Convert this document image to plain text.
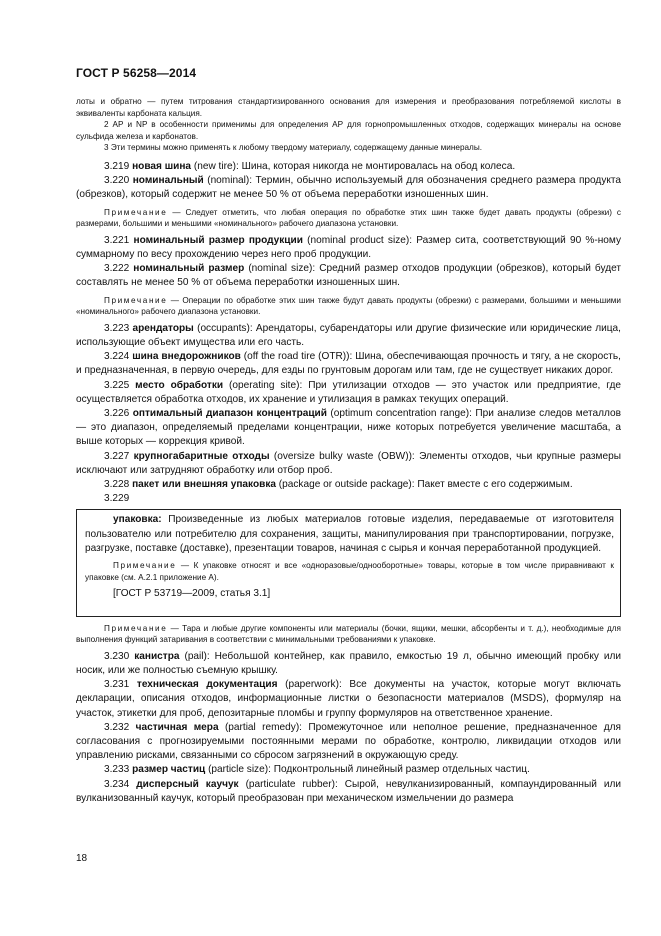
ГОСТ Р 56258—2014

лоты и обратно — путем титрования стандартизированного основания для измерения и преобразования потребляемой кислоты в эквиваленты карбоната кальция.

2 АР и NP в особенности применимы для определения АР для горнопромышленных отходов, содержащих минералы на основе сульфида железа и карбонатов.

3 Эти термины можно применять к любому твердому материалу, содержащему данные минералы.

3.219 новая шина (new tire): Шина, которая никогда не монтировалась на обод колеса.

3.220 номинальный (nominal): Термин, обычно используемый для обозначения среднего размера продукта (обрезков), который содержит не менее 50 % от объема переработки изношенных шин.

Примечание — Следует отметить, что любая операция по обработке этих шин также будет давать продукты (обрезки) с размерами, большими и меньшими «номинального» рабочего диапазона установки.

3.221 номинальный размер продукции (nominal product size): Размер сита, соответствующий 90 %-ному суммарному по весу прохождению через него проб продукции.

3.222 номинальный размер (nominal size): Средний размер отходов продукции (обрезков), который будет составлять не менее 50 % от объема переработки изношенных шин.

Примечание — Операции по обработке этих шин также будут давать продукты (обрезки) с размерами, большими и меньшими «номинального» рабочего диапазона установки.

3.223 арендаторы (occupants): Арендаторы, субарендаторы или другие физические или юридические лица, использующие объект имущества или его часть.

3.224 шина внедорожников (off the road tire (OTR)): Шина, обеспечивающая прочность и тягу, а не скорость, и предназначенная, в первую очередь, для езды по грунтовым дорогам или там, где не существует никаких дорог.

3.225 место обработки (operating site): При утилизации отходов — это участок или предприятие, где осуществляется обработка отходов, их хранение и утилизация в рамках текущих операций.

3.226 оптимальный диапазон концентраций (optimum concentration range): При анализе следов металлов — это диапазон, определяемый пределами концентрации, ниже которых потребуется увеличение масштаба, а выше которых — коррекция кривой.

3.227 крупногабаритные отходы (oversize bulky waste (OBW)): Элементы отходов, чьи крупные размеры исключают или затрудняют обработку или отбор проб.

3.228 пакет или внешняя упаковка (package or outside package): Пакет вместе с его содержимым.

3.229

упаковка: Произведенные из любых материалов готовые изделия, передаваемые от изготовителя пользователю или потребителю для сохранения, защиты, манипулирования при транспортировании, погрузке, разгрузке, поставке (доставке), презентации товаров, начиная с сырья и кончая переработанной продукцией.

Примечание — К упаковке относят и все «одноразовые/однооборотные» товары, которые в том числе приравнивают к упаковке (см. А.2.1 приложение А).

[ГОСТ Р 53719—2009, статья 3.1]

Примечание — Тара и любые другие компоненты или материалы (бочки, ящики, мешки, абсорбенты и т. д.), необходимые для выполнения функций затаривания в соответствии с минимальными требованиями к упаковке.

3.230 канистра (pail): Небольшой контейнер, как правило, емкостью 19 л, обычно имеющий пробку или носик, или же полностью съемную крышку.

3.231 техническая документация (paperwork): Все документы на участок, которые могут включать декларации, описания отходов, информационные листки о безопасности материалов (MSDS), формуляр на участок, этикетки для проб, депозитарные пломбы и группу формуляров на ответственное хранение.

3.232 частичная мера (partial remedy): Промежуточное или неполное решение, предназначенное для согласования с прогнозируемыми постоянными мерами по обработке, контролю, ликвидации отходов или управлению рисками, связанными со сбросом загрязнений в окружающую среду.

3.233 размер частиц (particle size): Подконтрольный линейный размер отдельных частиц.

3.234 дисперсный каучук (particulate rubber): Сырой, невулканизированный, компаундированный или вулканизованный каучук, который преобразован при механическом измельчении до размера

18
